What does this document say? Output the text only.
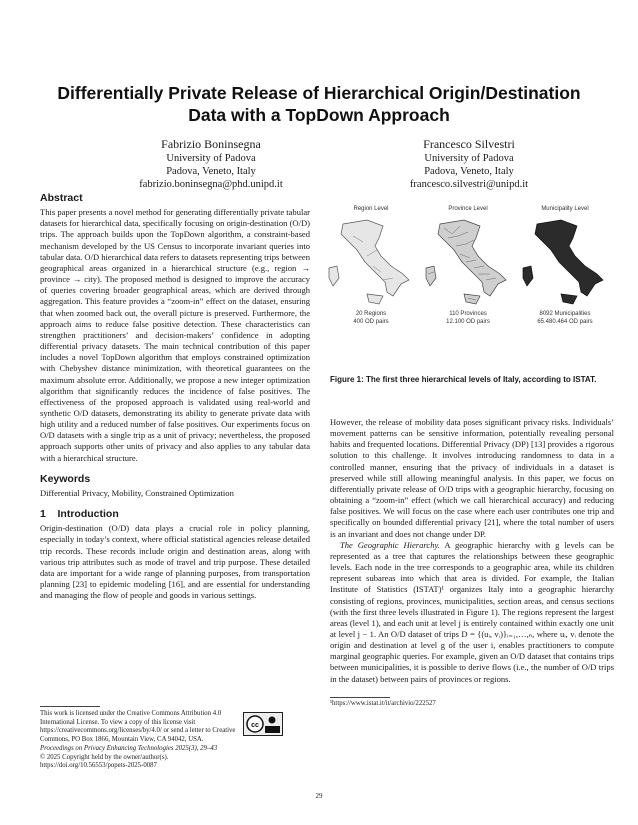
Differentially Private Release of Hierarchical Origin/Destination Data with a TopDown Approach
Fabrizio Boninsegna
University of Padova
Padova, Veneto, Italy
fabrizio.boninsegna@phd.unipd.it
Francesco Silvestri
University of Padova
Padova, Veneto, Italy
francesco.silvestri@unipd.it

Abstract

This paper presents a novel method for generating differentially private tabular datasets for hierarchical data, specifically focusing on origin-destination (O/D) trips. The approach builds upon the TopDown algorithm, a constraint-based mechanism developed by the US Census to incorporate invariant queries into tabular data. O/D hierarchical data refers to datasets representing trips between geographical areas organized in a hierarchical structure (e.g., region → province → city). The proposed method is designed to improve the accuracy of queries covering broader geographical areas, which are derived through aggregation. This feature provides a “zoom-in” effect on the dataset, ensuring that when zoomed back out, the overall picture is preserved. Furthermore, the approach aims to reduce false positive detection. These characteristics can strengthen practitioners’ and decision-makers’ confidence in adopting differential privacy datasets. The main technical contribution of this paper includes a novel TopDown algorithm that employs constrained optimization with Chebyshev distance minimization, with theoretical guarantees on the maximum absolute error. Additionally, we propose a new integer optimization algorithm that significantly reduces the incidence of false positives. The effectiveness of the proposed approach is validated using real-world and synthetic O/D datasets, demonstrating its ability to generate private data with high utility and a reduced number of false positives. Our experiments focus on O/D datasets with a single trip as a unit of privacy; nevertheless, the proposed approach supports other units of privacy and also applies to any tabular data with a hierarchical structure.

Keywords

Differential Privacy, Mobility, Constrained Optimization

1    Introduction

Origin-destination (O/D) data plays a crucial role in policy planning, especially in today’s context, where official statistical agencies release detailed trip records. These records include origin and destination areas, along with various trip attributes such as mode of travel and trip purpose. These detailed data are important for a wide range of planning purposes, from transportation planning [23] to epidemic modeling [16], and are essential for understanding and managing the flow of people and goods in various settings.

This work is licensed under the Creative Commons Attribution 4.0 International License. To view a copy of this license visit https://creativecommons.org/licenses/by/4.0/ or send a letter to Creative Commons, PO Box 1866, Mountain View, CA 94042, USA.
Proceedings on Privacy Enhancing Technologies 2025(3), 29–43
© 2025 Copyright held by the owner/author(s).
https://doi.org/10.56553/popets-2025-0087
cc
Region Level
20 Regions
400 OD pairs
Province Level
110 Provinces
12.100 OD pairs
Municipality Level
8092 Municipalities
65.480.464 OD pairs
Figure 1: The first three hierarchical levels of Italy, according to ISTAT.

However, the release of mobility data poses significant privacy risks. Individuals’ movement patterns can be sensitive information, potentially revealing personal habits and frequented locations. Differential Privacy (DP) [13] provides a rigorous solution to this challenge. It involves introducing randomness to data in a controlled manner, ensuring that the privacy of individuals in a dataset is preserved while still allowing meaningful analysis. In this paper, we focus on differentially private release of O/D trips with a geographic hierarchy, focusing on obtaining a “zoom-in” effect (which we call hierarchical accuracy) and reducing false positives. We will focus on the case where each user contributes one trip and specifically on bounded differential privacy [21], where the total number of users is an invariant and does not change under DP.

The Geographic Hierarchy. A geographic hierarchy with g levels can be represented as a tree that captures the relationships between these geographic levels. Each node in the tree corresponds to a geographic area, while its children represent subareas into which that area is divided. For example, the Italian Institute of Statistics (ISTAT)¹ organizes Italy into a geographic hierarchy consisting of regions, provinces, municipalities, section areas, and census sections (with the first three levels illustrated in Figure 1). The regions represent the largest areas (level 1), and each unit at level j is entirely contained within exactly one unit at level j − 1. An O/D dataset of trips D = {(uᵢ, vᵢ)}ᵢ₌₁,…,ₙ, where uᵢ, vᵢ denote the origin and destination at level g of the user i, enables practitioners to compute marginal geographic queries. For example, given an O/D dataset that contains trips between municipalities, it is possible to derive flows (i.e., the number of O/D trips in the dataset) between pairs of provinces or regions.

¹https://www.istat.it/it/archivio/222527
29
